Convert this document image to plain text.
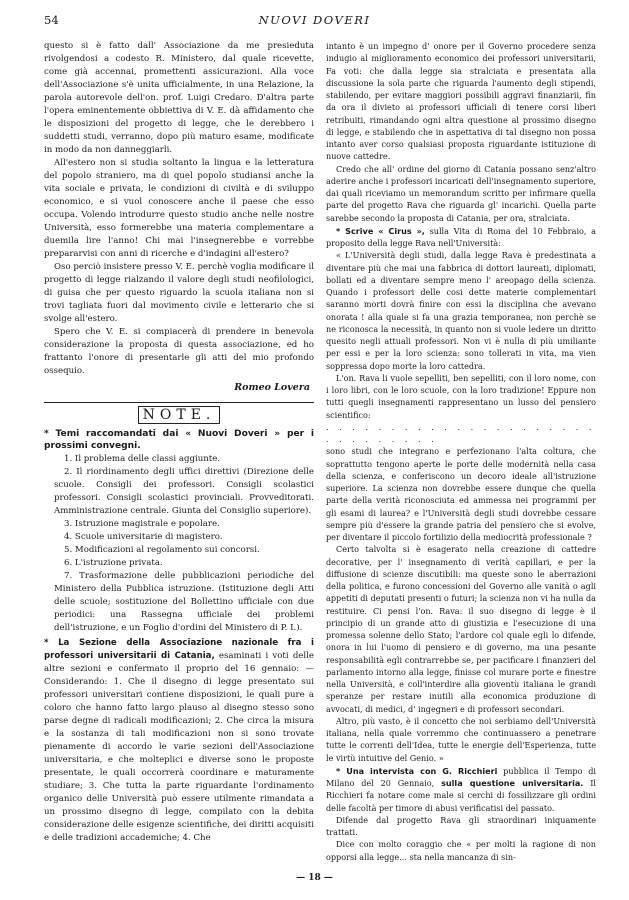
54	NUOVI DOVERI

questo si è fatto dall' Associazione da me presieduta rivolgendosi a codesto R. Ministero, dal quale ricevette, come già accennai, promettenti assicurazioni. Alla voce dell'Associazione s'è unita ufficialmente, in una Relazione, la parola autorevole dell'on. prof. Luigi Credaro. D'altra parte l'opera eminentemente obbiettiva di V. E. dà affidamento che le disposizioni del progetto di legge, che le derebbero i suddetti studi, verranno, dopo più maturo esame, modificate in modo da non danneggiarli.

All'estero non si studia soltanto la lingua e la letteratura del popolo straniero, ma di quel popolo studiansi anche la vita sociale e privata, le condizioni di civiltà e di sviluppo economico, e si vuol conoscere anche il paese che esso occupa. Volendo introdurre questo studio anche nelle nostre Università, esso formerebbe una materia complementare a duemila lire l'anno! Chi mai l'insegnerebbe e vorrebbe prepararvisi con anni di ricerche e d'indagini all'estero?

Oso perciò insistere presso V. E. perchè voglia modificare il progetto di legge rialzando il valore degli studi neofilologici, di guisa che per questo riguardo la scuola italiana non si trovi tagliata fuori dal movimento civile e letterario che si svolge all'estero.

Spero che V. E. si compiacerà di prendere in benevola considerazione la proposta di questa associazione, ed ho frattanto l'onore di presentarle gli atti del mio profondo ossequio.

Romeo Lovera
NOTE.
* Temi raccomandati dai « Nuovi Doveri » per i prossimi convegni.

1. Il problema delle classi aggiunte.

2. Il riordinamento degli uffici direttivi (Direzione delle scuole. Consigli dei professori. Consigli scolastici professori. Consigli scolastici provinciali. Provveditorati. Amministrazione centrale. Giunta del Consiglio superiore).

3. Istruzione magistrale e popolare.

4. Scuole universitarie di magistero.

5. Modificazioni al regolamento sui concorsi.

6. L'istruzione privata.

7. Trasformazione delle pubblicazioni periodiche del Ministero della Pubblica istruzione. (Istituzione degli Atti delle scuole; sostituzione del Bollettino ufficiale con due periodici: una Rassegna ufficiale dei problemi dell'istruzione, e un Foglio d'ordini del Ministero di P. I.).

* La Sezione della Associazione nazionale fra i professori universitarii di Catania, esaminati i voti delle altre sezioni e confermato il proprio del 16 gennaio: — Considerando: 1. Che il disegno di legge presentato sui professori universitari contiene disposizioni, le quali pure a coloro che hanno fatto largo plauso al disegno stesso sono parse degne di radicali modificazioni; 2. Che circa la misura e la sostanza di tali modificazioni non si sono trovate pienamente di accordo le varie sezioni dell'Associazione universitaria, e che molteplici e diverse sono le proposte presentate, le quali occorrerà coordinare e maturamente studiare; 3. Che tutta la parte riguardante l'ordinamento organico delle Università può essere utilmente rimandata a un prossimo disegno di legge, compilato con la debita considerazione delle esigenze scientifiche, dei diritti acquisiti e delle tradizioni accademiche; 4. Che

intanto è un impegno d' onore per il Governo procedere senza indugio al miglioramento economico dei professori universitarii, Fa voti: che dalla legge sia stralciata e presentata alla discussione la sola parte che riguarda l'aumento degli stipendi, stabilendo, per evitare maggiori possibili aggravi finanziarii, fin da ora il divieto ai professori ufficiali di tenere corsi liberi retribuiti, rimandando ogni altra questione al prossimo disegno di legge, e stabilendo che in aspettativa di tal disegno non possa intanto aver corso qualsiasi proposta riguardante istituzione di nuove cattedre.

Credo che all' ordine del giorno di Catania possano senz'altro aderire anche i professori incaricati dell'insegnamento superiore, dai quali riceviamo un memorandum scritto per infirmare quella parte del progetto Rava che riguarda gl' incarichi. Quella parte sarebbe secondo la proposta di Catania, per ora, stralciata.

* Scrive « Cirus », sulla Vita di Roma del 10 Febbraio, a proposito della legge Rava nell'Università:

« L'Università degli studi, dalla legge Rava è predestinata a diventare più che mai una fabbrica di dottori laureati, diplomati, bollati ed a diventare sempre meno l' areopago della scienza. Quando i professori delle cosi dette materie complementari saranno morti dovrà finire con essi la disciplina che avevano onorata ! alla quale si fa una grazia temporanea, non perchè se ne riconosca la necessità, in quanto non si vuole ledere un diritto quesito negli attuali professori. Non vi è nulla di più umiliante per essi e per la loro scienza: sono tollerati in vita, ma vien soppressa dopo morte la loro cattedra.

L'on. Rava li vuole sepelliti, ben sepelliti, con il loro nome, con i loro libri, con le loro scuole, con la loro tradizione! Eppure non tutti quegli insegnamenti rappresentano un lusso del pensiero scientifico:

. . . . . . . . . . . . . . . . . . . . . . . . . . . . . .

sono studi che integrano e perfezionano l'alta coltura, che soprattutto tengono aperte le porte delle modernità nella casa della scienza, e conferiscono un decoro ideale all'istruzione superiore. La scienza non dovrebbe essere dunque che quella parte della verità riconosciuta ed ammessa nei programmi per gli esami di laurea? e l'Università degli studi dovrebbe cessare sempre più d'essere la grande patria del pensiero che si evolve, per diventare il piccolo fortilizio della mediocrità professionale ?

Certo talvolta si è esagerato nella creazione di cattedre decorative, per l' insegnamento di verità capillari, e per la diffusione di scienze discutibili: ma queste sono le aberrazioni della politica, e furono concessioni del Governo alle vanità o agli appetiti di deputati presenti o futuri; la scienza non vi ha nulla da restituire. Ci pensi l'on. Rava: il suo disegno di legge è il principio di un grande atto di giustizia e l'esecuzione di una promessa solenne dello Stato; l'ardore col quale egli lo difende, onora in lui l'uomo di pensiero e di governo, ma una pesante responsabilità egli contrarrebbe se, per pacificare i finanzieri del parlamento intorno alla legge, finisse col murare porte e finestre nella Università, e coll'interdire alla gioventù italiana le grandi speranze per restare inutili alla economica produzione di avvocati, di medici, d' ingegneri e di professori secondari.

Altro, più vasto, è il concetto che noi serbiamo dell'Università italiana, nella quale vorremmo che continuassero a penetrare tutte le correnti dell'Idea, tutte le energie dell'Esperienza, tutte le virtù intuitive del Genio. »

* Una intervista con G. Ricchieri pubblica il Tempo di Milano del 20 Gennaio, sulla questione universitaria. Il Ricchieri fa notare come male si cerchi di fossilizzare gli ordini delle facoltà per timore di abusi verificatisi del passato.

Difende dal progetto Rava gli straordinari iniquamente trattati.

Dice con molto coraggio che « per molti la ragione di non opporsi alla legge... sta nella mancanza di sin-

— 18 —
